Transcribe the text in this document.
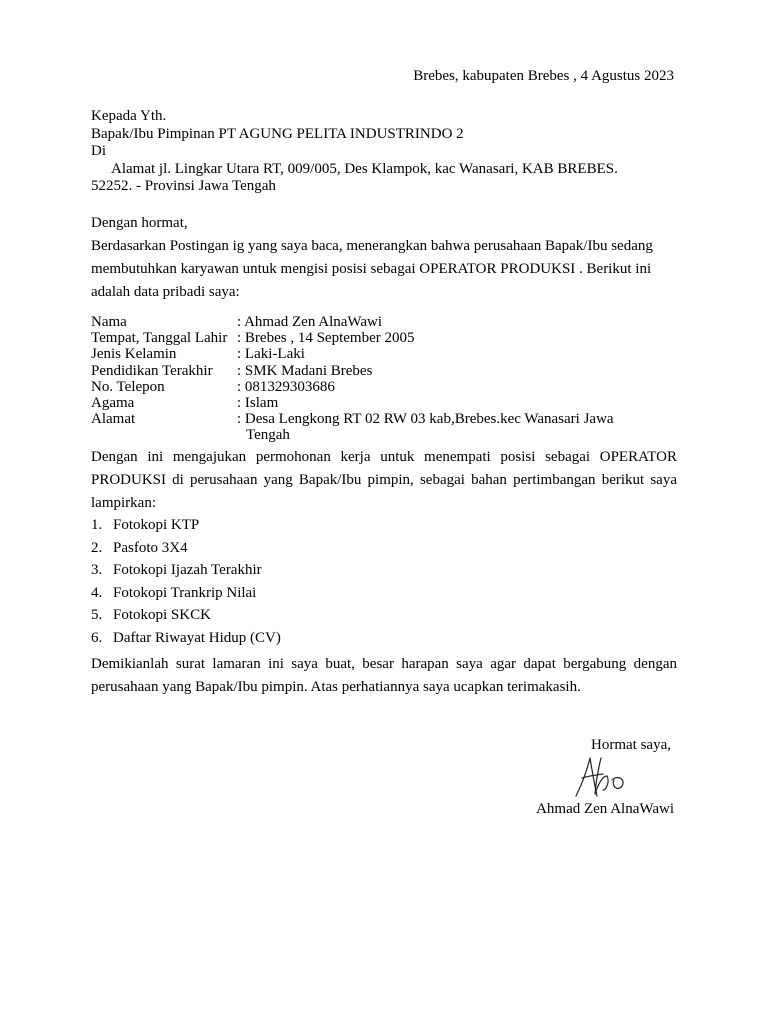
Brebes, kabupaten Brebes , 4 Agustus 2023
Kepada Yth.
Bapak/Ibu Pimpinan PT AGUNG PELITA INDUSTRINDO 2
Di
Alamat jl. Lingkar Utara RT, 009/005, Des Klampok, kac Wanasari, KAB BREBES.
52252. - Provinsi Jawa Tengah
Dengan hormat,
Berdasarkan Postingan ig yang saya baca, menerangkan bahwa perusahaan Bapak/Ibu sedang membutuhkan karyawan untuk mengisi posisi sebagai OPERATOR PRODUKSI . Berikut ini adalah data pribadi saya:
Nama	: Ahmad Zen AlnaWawi
Tempat, Tanggal Lahir	: Brebes , 14 September 2005
Jenis Kelamin	: Laki-Laki
Pendidikan Terakhir	: SMK Madani Brebes
No. Telepon	: 081329303686
Agama	: Islam
Alamat	: Desa Lengkong RT 02 RW 03 kab,Brebes.kec Wanasari Jawa
Tengah
Dengan ini mengajukan permohonan kerja untuk menempati posisi sebagai OPERATOR PRODUKSI di perusahaan yang Bapak/Ibu pimpin, sebagai bahan pertimbangan berikut saya lampirkan:
1. Fotokopi KTP
2. Pasfoto 3X4
3. Fotokopi Ijazah Terakhir
4. Fotokopi Trankrip Nilai
5. Fotokopi SKCK
6. Daftar Riwayat Hidup (CV)
Demikianlah surat lamaran ini saya buat, besar harapan saya agar dapat bergabung dengan perusahaan yang Bapak/Ibu pimpin. Atas perhatiannya saya ucapkan terimakasih.
Hormat saya,
Ahmad Zen AlnaWawi
